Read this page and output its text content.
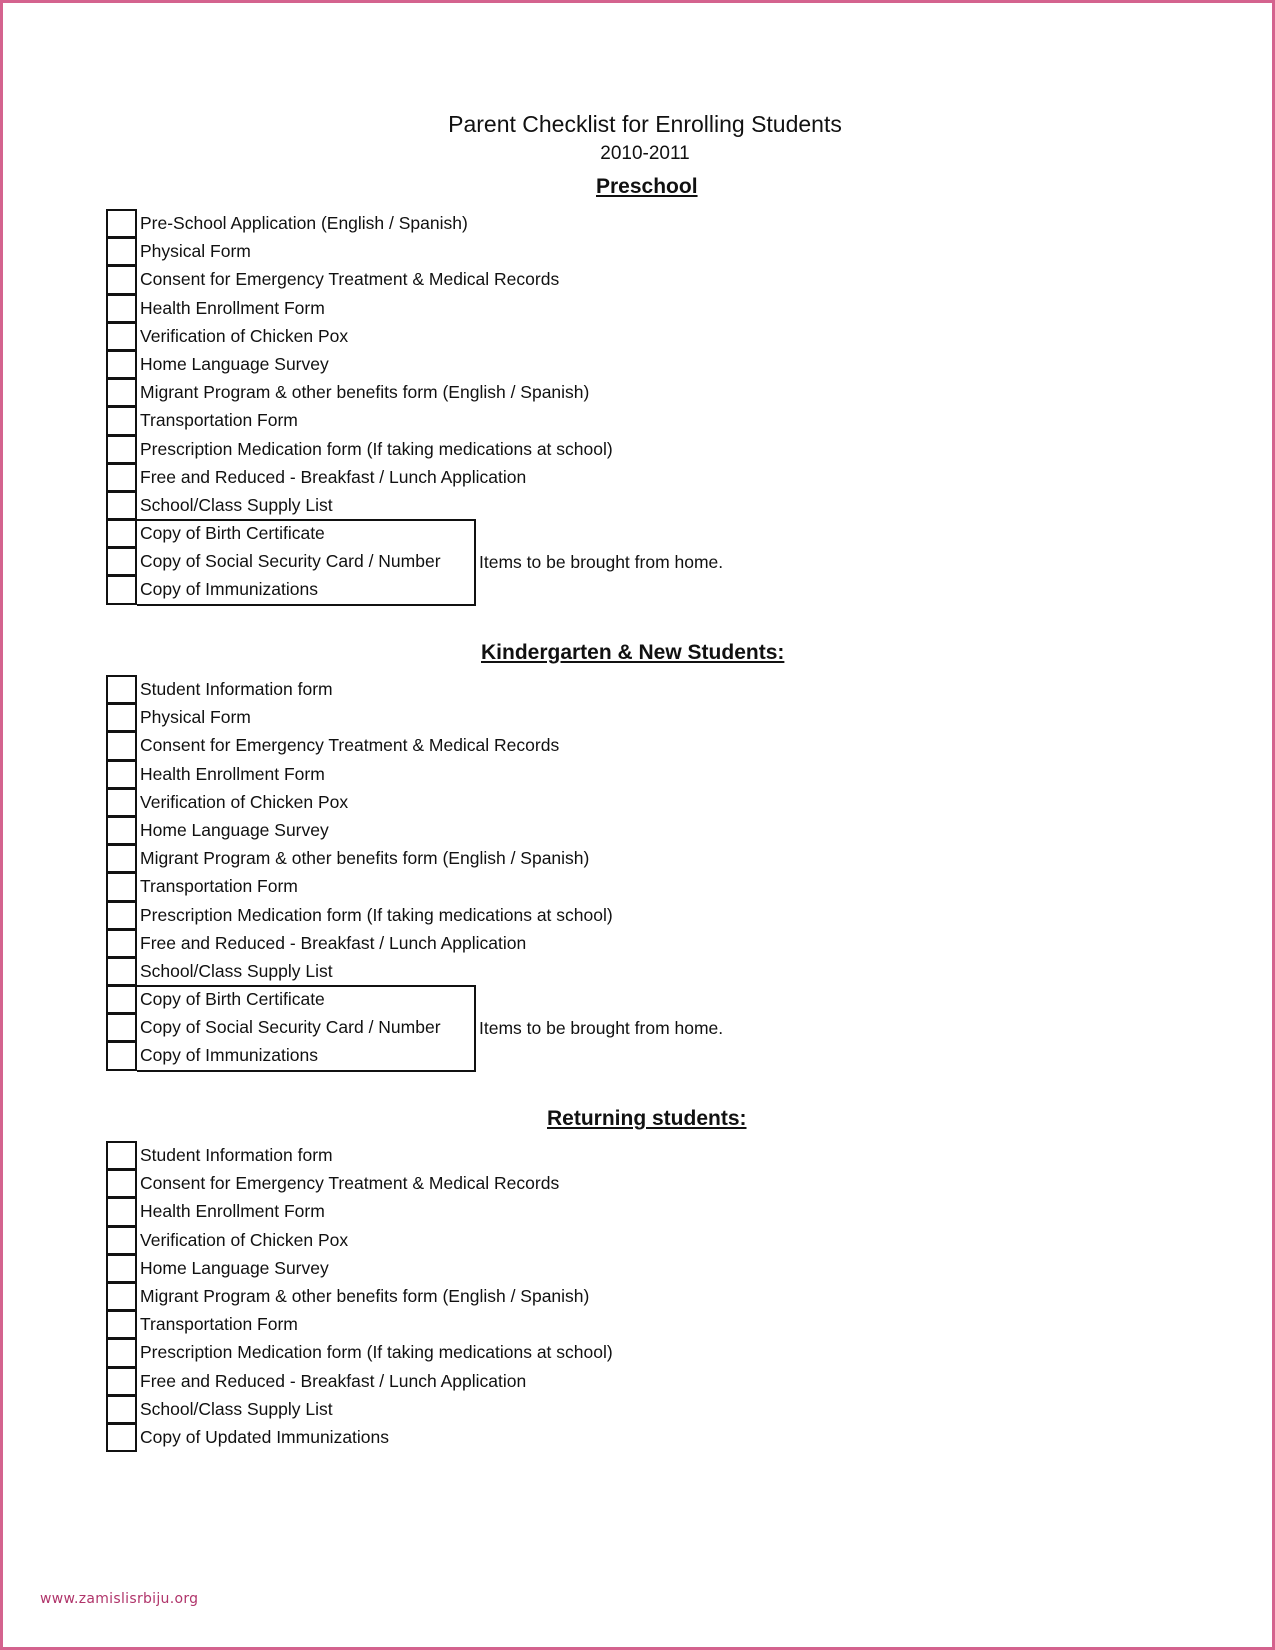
Parent Checklist for Enrolling Students
2010-2011
Preschool
Pre-School Application (English / Spanish)
Physical Form
Consent for Emergency Treatment & Medical Records
Health Enrollment Form
Verification of Chicken Pox
Home Language Survey
Migrant Program & other benefits form (English / Spanish)
Transportation Form
Prescription Medication form (If taking medications at school)
Free and Reduced - Breakfast / Lunch Application
School/Class Supply List
Copy of Birth Certificate
Copy of Social Security Card / Number
Copy of Immunizations
Items to be brought from home.
Kindergarten & New Students:
Student Information form
Physical Form
Consent for Emergency Treatment & Medical Records
Health Enrollment Form
Verification of Chicken Pox
Home Language Survey
Migrant Program & other benefits form (English / Spanish)
Transportation Form
Prescription Medication form (If taking medications at school)
Free and Reduced - Breakfast / Lunch Application
School/Class Supply List
Copy of Birth Certificate
Copy of Social Security Card / Number
Copy of Immunizations
Items to be brought from home.
Returning students:
Student Information form
Consent for Emergency Treatment & Medical Records
Health Enrollment Form
Verification of Chicken Pox
Home Language Survey
Migrant Program & other benefits form (English / Spanish)
Transportation Form
Prescription Medication form (If taking medications at school)
Free and Reduced - Breakfast / Lunch Application
School/Class Supply List
Copy of Updated Immunizations
www.zamislisrbiju.org
